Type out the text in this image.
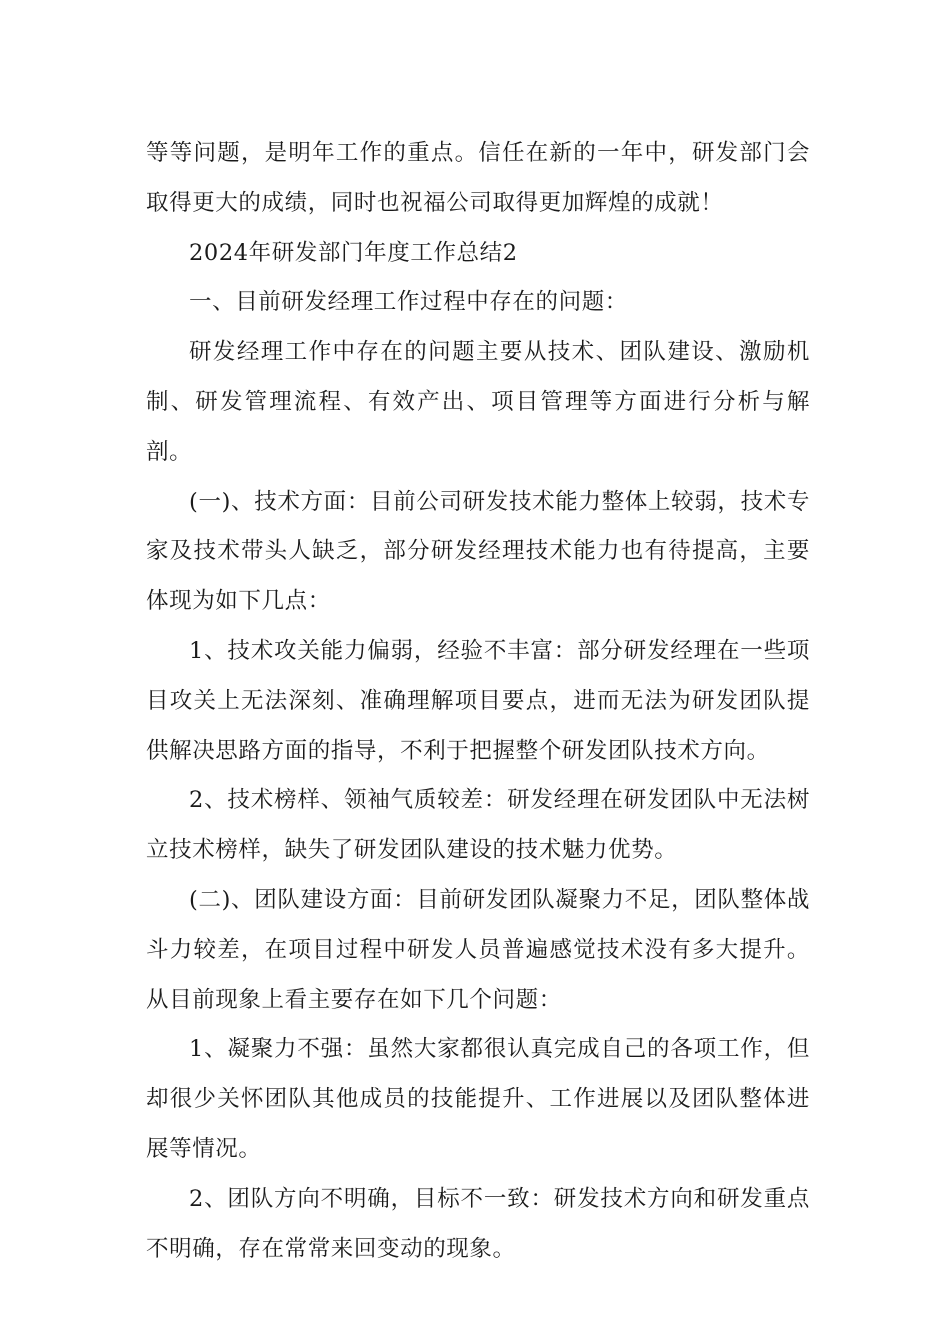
等等问题，是明年工作的重点。信任在新的一年中，研发部门会取得更大的成绩，同时也祝福公司取得更加辉煌的成就！

2024年研发部门年度工作总结2

一、目前研发经理工作过程中存在的问题：

研发经理工作中存在的问题主要从技术、团队建设、激励机制、研发管理流程、有效产出、项目管理等方面进行分析与解剖。

(一)、技术方面：目前公司研发技术能力整体上较弱，技术专家及技术带头人缺乏，部分研发经理技术能力也有待提高，主要体现为如下几点：

1、技术攻关能力偏弱，经验不丰富：部分研发经理在一些项目攻关上无法深刻、准确理解项目要点，进而无法为研发团队提供解决思路方面的指导，不利于把握整个研发团队技术方向。

2、技术榜样、领袖气质较差：研发经理在研发团队中无法树立技术榜样，缺失了研发团队建设的技术魅力优势。

(二)、团队建设方面：目前研发团队凝聚力不足，团队整体战斗力较差，在项目过程中研发人员普遍感觉技术没有多大提升。从目前现象上看主要存在如下几个问题：

1、凝聚力不强：虽然大家都很认真完成自己的各项工作，但却很少关怀团队其他成员的技能提升、工作进展以及团队整体进展等情况。

2、团队方向不明确，目标不一致：研发技术方向和研发重点不明确，存在常常来回变动的现象。
